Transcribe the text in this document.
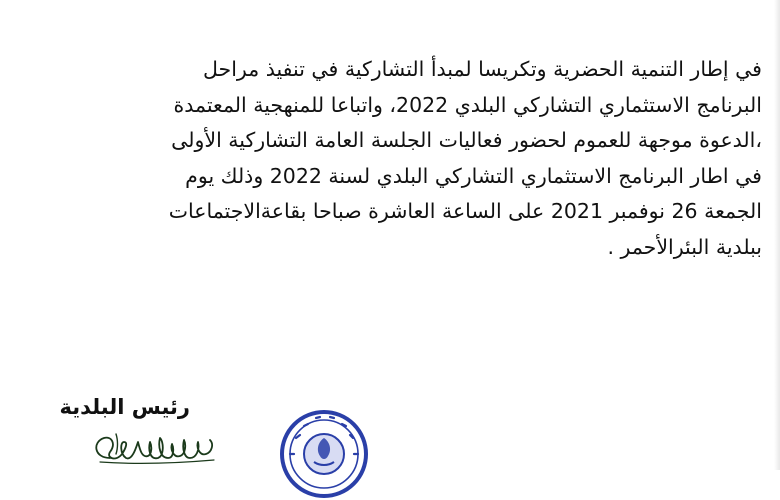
في إطار التنمية الحضرية وتكريسا لمبدأ التشاركية في تنفيذ مراحل

البرنامج الاستثماري التشاركي البلدي 2022، واتباعا للمنهجية المعتمدة

،الدعوة موجهة للعموم لحضور فعاليات الجلسة العامة التشاركية الأولى

في اطار البرنامج الاستثماري التشاركي البلدي لسنة 2022 وذلك يوم

الجمعة 26 نوفمبر 2021 على الساعة العاشرة صباحا بقاعةالاجتماعات

ببلدية البئرالأحمر .

رئيس البلدية
